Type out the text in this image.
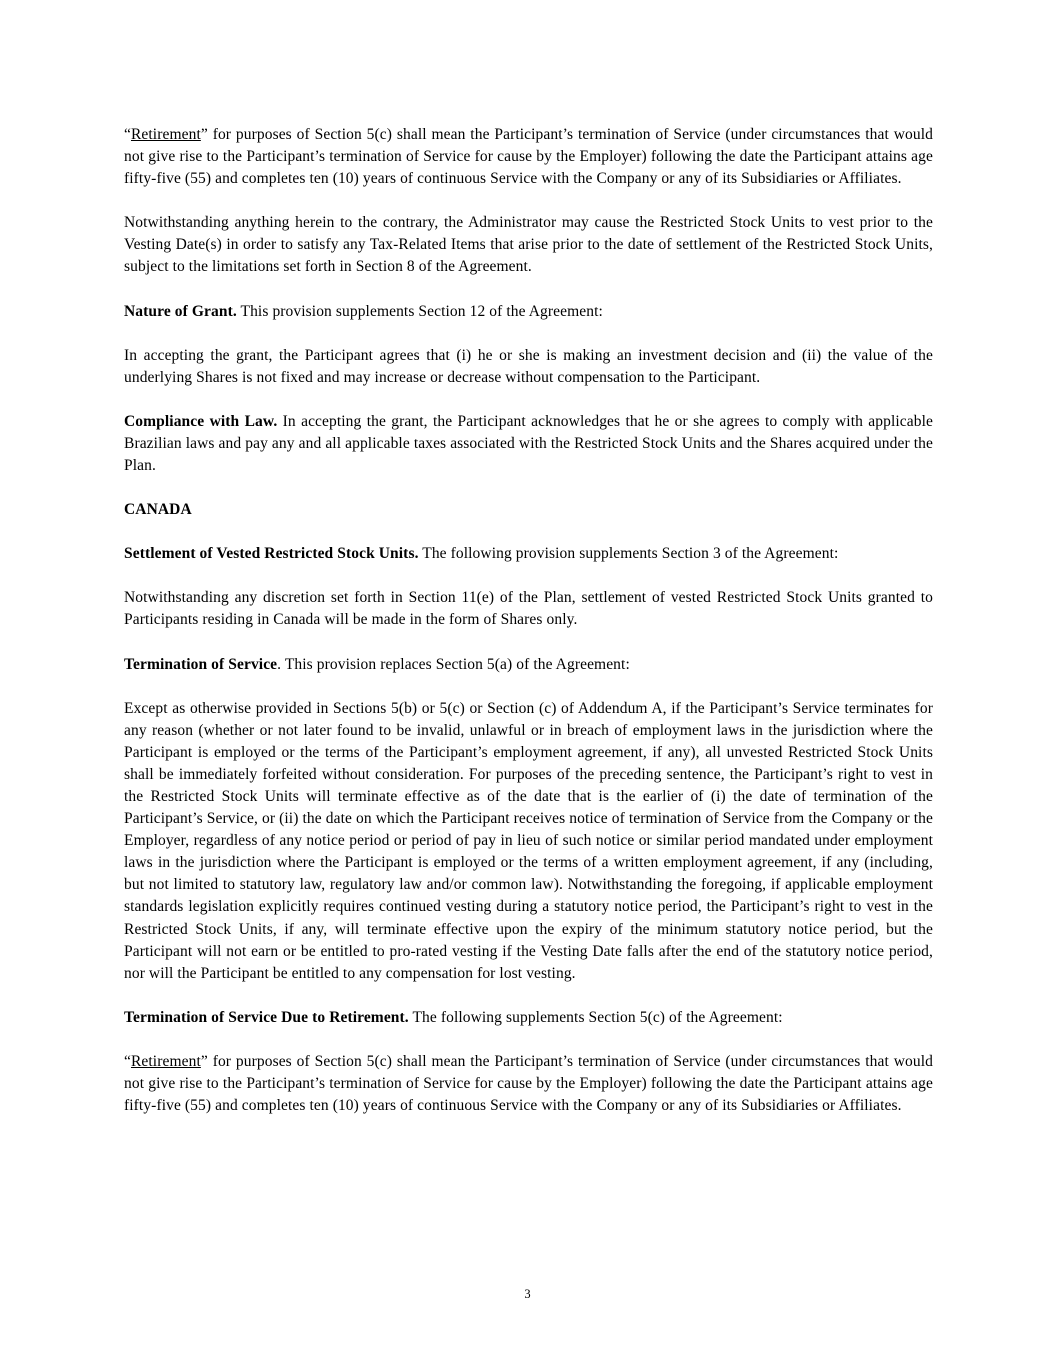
“Retirement” for purposes of Section 5(c) shall mean the Participant’s termination of Service (under circumstances that would not give rise to the Participant’s termination of Service for cause by the Employer) following the date the Participant attains age fifty-five (55) and completes ten (10) years of continuous Service with the Company or any of its Subsidiaries or Affiliates.

Notwithstanding anything herein to the contrary, the Administrator may cause the Restricted Stock Units to vest prior to the Vesting Date(s) in order to satisfy any Tax-Related Items that arise prior to the date of settlement of the Restricted Stock Units, subject to the limitations set forth in Section 8 of the Agreement.

Nature of Grant. This provision supplements Section 12 of the Agreement:

In accepting the grant, the Participant agrees that (i) he or she is making an investment decision and (ii) the value of the underlying Shares is not fixed and may increase or decrease without compensation to the Participant.

Compliance with Law. In accepting the grant, the Participant acknowledges that he or she agrees to comply with applicable Brazilian laws and pay any and all applicable taxes associated with the Restricted Stock Units and the Shares acquired under the Plan.

CANADA

Settlement of Vested Restricted Stock Units. The following provision supplements Section 3 of the Agreement:

Notwithstanding any discretion set forth in Section 11(e) of the Plan, settlement of vested Restricted Stock Units granted to Participants residing in Canada will be made in the form of Shares only.

Termination of Service. This provision replaces Section 5(a) of the Agreement:

Except as otherwise provided in Sections 5(b) or 5(c) or Section (c) of Addendum A, if the Participant’s Service terminates for any reason (whether or not later found to be invalid, unlawful or in breach of employment laws in the jurisdiction where the Participant is employed or the terms of the Participant’s employment agreement, if any), all unvested Restricted Stock Units shall be immediately forfeited without consideration. For purposes of the preceding sentence, the Participant’s right to vest in the Restricted Stock Units will terminate effective as of the date that is the earlier of (i) the date of termination of the Participant’s Service, or (ii) the date on which the Participant receives notice of termination of Service from the Company or the Employer, regardless of any notice period or period of pay in lieu of such notice or similar period mandated under employment laws in the jurisdiction where the Participant is employed or the terms of a written employment agreement, if any (including, but not limited to statutory law, regulatory law and/or common law). Notwithstanding the foregoing, if applicable employment standards legislation explicitly requires continued vesting during a statutory notice period, the Participant’s right to vest in the Restricted Stock Units, if any, will terminate effective upon the expiry of the minimum statutory notice period, but the Participant will not earn or be entitled to pro-rated vesting if the Vesting Date falls after the end of the statutory notice period, nor will the Participant be entitled to any compensation for lost vesting.

Termination of Service Due to Retirement. The following supplements Section 5(c) of the Agreement:

“Retirement” for purposes of Section 5(c) shall mean the Participant’s termination of Service (under circumstances that would not give rise to the Participant’s termination of Service for cause by the Employer) following the date the Participant attains age fifty-five (55) and completes ten (10) years of continuous Service with the Company or any of its Subsidiaries or Affiliates.

3
